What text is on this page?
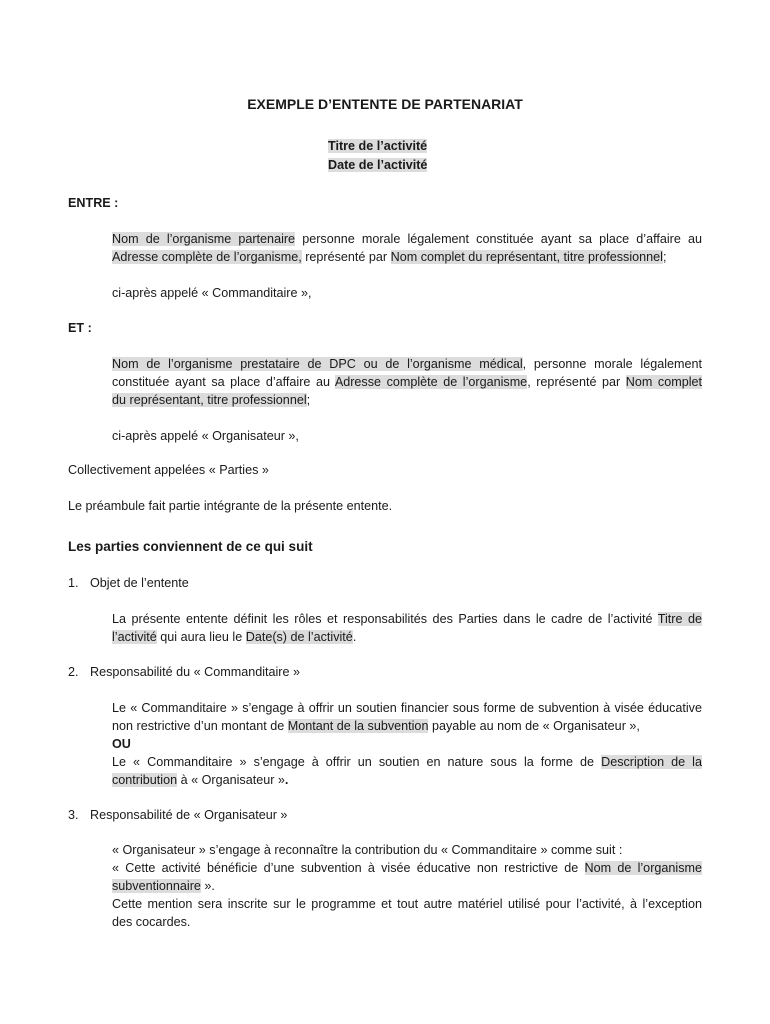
EXEMPLE D’ENTENTE DE PARTENARIAT
Titre de l’activité
Date de l’activité
ENTRE :
Nom de l’organisme partenaire personne morale légalement constituée ayant sa place d’affaire au
Adresse complète de l’organisme, représenté par Nom complet du représentant, titre professionnel;
ci-après appelé « Commanditaire »,
ET :
Nom de l’organisme prestataire de DPC ou de l’organisme médical, personne morale légalement
constituée ayant sa place d’affaire au Adresse complète de l’organisme, représenté par Nom complet
du représentant, titre professionnel;
ci-après appelé « Organisateur »,
Collectivement appelées « Parties »
Le préambule fait partie intégrante de la présente entente.
Les parties conviennent de ce qui suit
1. Objet de l’entente
La présente entente définit les rôles et responsabilités des Parties dans le cadre de l’activité Titre de
l’activité qui aura lieu le Date(s) de l’activité.
2. Responsabilité du « Commanditaire »
Le « Commanditaire » s’engage à offrir un soutien financier sous forme de subvention à visée éducative
non restrictive d’un montant de Montant de la subvention payable au nom de « Organisateur »,
OU
Le « Commanditaire » s’engage à offrir un soutien en nature sous la forme de Description de la
contribution à « Organisateur ».
3. Responsabilité de « Organisateur »
« Organisateur » s’engage à reconnaître la contribution du « Commanditaire » comme suit :
« Cette activité bénéficie d’une subvention à visée éducative non restrictive de Nom de l’organisme
subventionnaire ».
Cette mention sera inscrite sur le programme et tout autre matériel utilisé pour l’activité, à l’exception
des cocardes.
